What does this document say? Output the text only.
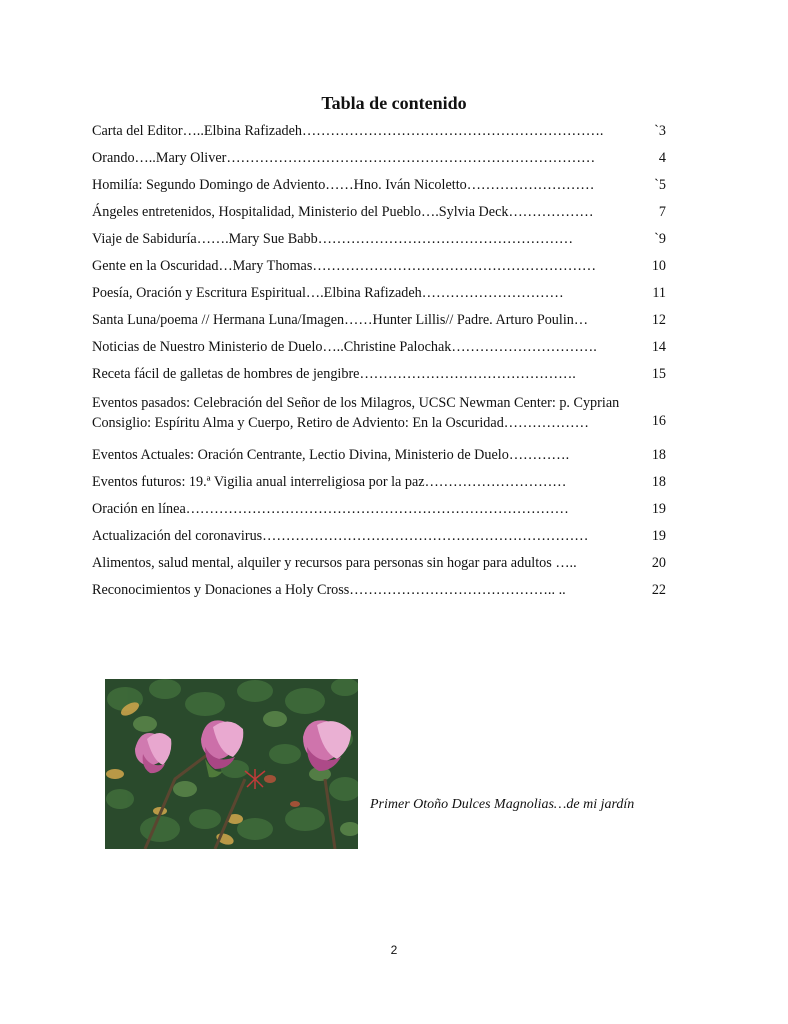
Tabla de contenido
Carta del Editor…..Elbina Rafizadeh……………………………………………………….	`3
Orando…..Mary Oliver……………………………………………………………………	4
Homilía: Segundo Domingo de Adviento……Hno. Iván Nicoletto………………………	`5
Ángeles entretenidos, Hospitalidad, Ministerio del Pueblo….Sylvia Deck………………	7
Viaje de Sabiduría…….Mary Sue Babb………………………………………………	`9
Gente en la Oscuridad…Mary Thomas……………………………………………………	10
Poesía, Oración y Escritura Espiritual….Elbina Rafizadeh…………………………	11
Santa Luna/poema // Hermana Luna/Imagen……Hunter Lillis// Padre. Arturo Poulin…	12
Noticias de Nuestro Ministerio de Duelo…..Christine Palochak………………………….	14
Receta fácil de galletas de hombres de jengibre……………………………………….	15
Eventos pasados: Celebración del Señor de los Milagros, UCSC Newman Center: p. Cyprian
Consiglio: Espíritu Alma y Cuerpo, Retiro de Adviento: En la Oscuridad………………	16
Eventos Actuales: Oración Centrante, Lectio Divina, Ministerio de Duelo………….	18
Eventos futuros: 19.ª Vigilia anual interreligiosa por la paz…………………………	18
Oración en línea………………………………………………………………………	19
Actualización del coronavirus……………………………………………………………	19
Alimentos, salud mental, alquiler y recursos para personas sin hogar para adultos …..	20
Reconocimientos y Donaciones a Holy Cross…………………………………….. ..	22
Primer Otoño Dulces Magnolias…de mi jardín
2
